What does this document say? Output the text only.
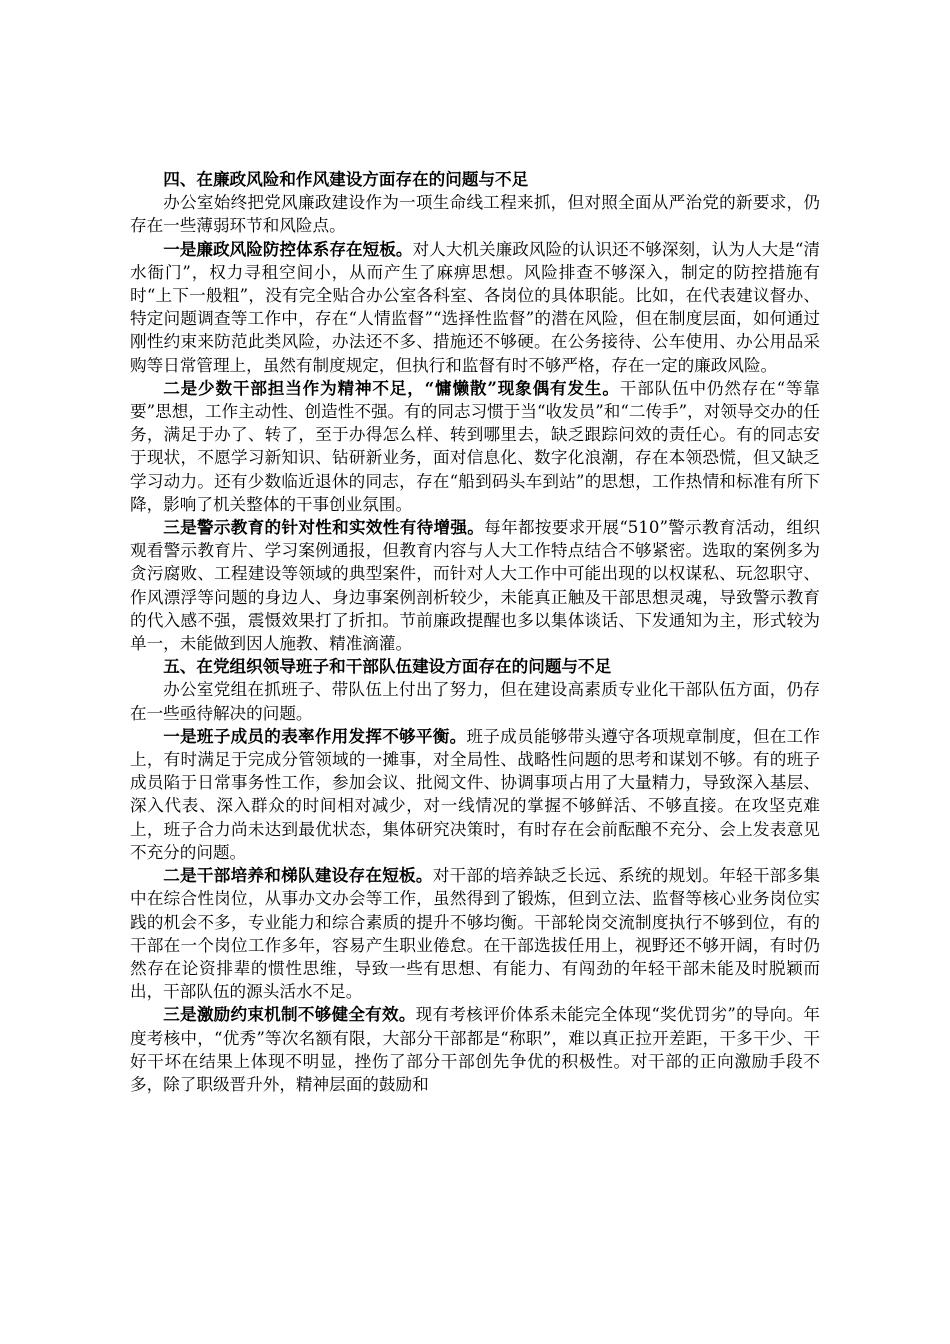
四、在廉政风险和作风建设方面存在的问题与不足

办公室始终把党风廉政建设作为一项生命线工程来抓，但对照全面从严治党的新要求，仍存在一些薄弱环节和风险点。

一是廉政风险防控体系存在短板。对人大机关廉政风险的认识还不够深刻，认为人大是“清水衙门”，权力寻租空间小，从而产生了麻痹思想。风险排查不够深入，制定的防控措施有时“上下一般粗”，没有完全贴合办公室各科室、各岗位的具体职能。比如，在代表建议督办、特定问题调查等工作中，存在“人情监督”“选择性监督”的潜在风险，但在制度层面，如何通过刚性约束来防范此类风险，办法还不多、措施还不够硬。在公务接待、公车使用、办公用品采购等日常管理上，虽然有制度规定，但执行和监督有时不够严格，存在一定的廉政风险。

二是少数干部担当作为精神不足，“慵懒散”现象偶有发生。干部队伍中仍然存在“等靠要”思想，工作主动性、创造性不强。有的同志习惯于当“收发员”和“二传手”，对领导交办的任务，满足于办了、转了，至于办得怎么样、转到哪里去，缺乏跟踪问效的责任心。有的同志安于现状，不愿学习新知识、钻研新业务，面对信息化、数字化浪潮，存在本领恐慌，但又缺乏学习动力。还有少数临近退休的同志，存在“船到码头车到站”的思想，工作热情和标准有所下降，影响了机关整体的干事创业氛围。

三是警示教育的针对性和实效性有待增强。每年都按要求开展“510”警示教育活动，组织观看警示教育片、学习案例通报，但教育内容与人大工作特点结合不够紧密。选取的案例多为贪污腐败、工程建设等领域的典型案件，而针对人大工作中可能出现的以权谋私、玩忽职守、作风漂浮等问题的身边人、身边事案例剖析较少，未能真正触及干部思想灵魂，导致警示教育的代入感不强，震慑效果打了折扣。节前廉政提醒也多以集体谈话、下发通知为主，形式较为单一，未能做到因人施教、精准滴灌。

五、在党组织领导班子和干部队伍建设方面存在的问题与不足

办公室党组在抓班子、带队伍上付出了努力，但在建设高素质专业化干部队伍方面，仍存在一些亟待解决的问题。

一是班子成员的表率作用发挥不够平衡。班子成员能够带头遵守各项规章制度，但在工作上，有时满足于完成分管领域的一摊事，对全局性、战略性问题的思考和谋划不够。有的班子成员陷于日常事务性工作，参加会议、批阅文件、协调事项占用了大量精力，导致深入基层、深入代表、深入群众的时间相对减少，对一线情况的掌握不够鲜活、不够直接。在攻坚克难上，班子合力尚未达到最优状态，集体研究决策时，有时存在会前酝酿不充分、会上发表意见不充分的问题。

二是干部培养和梯队建设存在短板。对干部的培养缺乏长远、系统的规划。年轻干部多集中在综合性岗位，从事办文办会等工作，虽然得到了锻炼，但到立法、监督等核心业务岗位实践的机会不多，专业能力和综合素质的提升不够均衡。干部轮岗交流制度执行不够到位，有的干部在一个岗位工作多年，容易产生职业倦怠。在干部选拔任用上，视野还不够开阔，有时仍然存在论资排辈的惯性思维，导致一些有思想、有能力、有闯劲的年轻干部未能及时脱颖而出，干部队伍的源头活水不足。

三是激励约束机制不够健全有效。现有考核评价体系未能完全体现“奖优罚劣”的导向。年度考核中，“优秀”等次名额有限，大部分干部都是“称职”，难以真正拉开差距，干多干少、干好干坏在结果上体现不明显，挫伤了部分干部创先争优的积极性。对干部的正向激励手段不多，除了职级晋升外，精神层面的鼓励和
